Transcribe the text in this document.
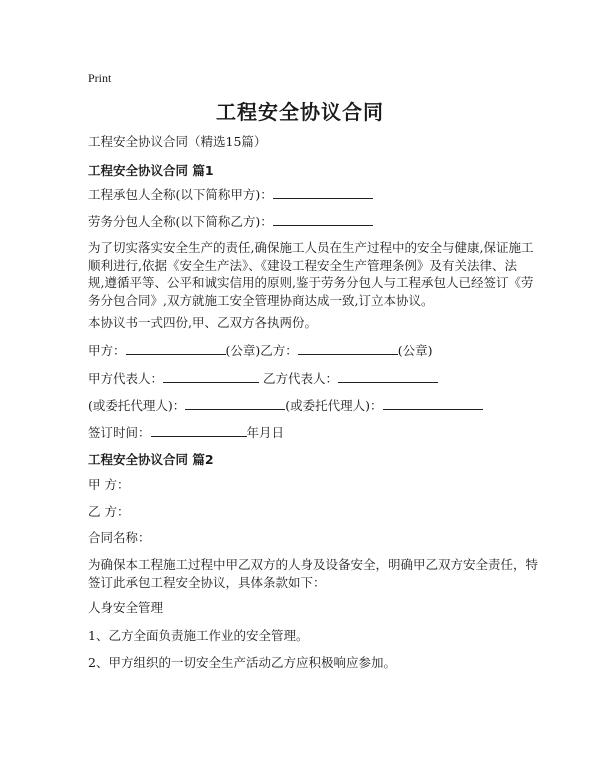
Print
工程安全协议合同
工程安全协议合同（精选15篇）
工程安全协议合同 篇1
工程承包人全称(以下简称甲方)：
劳务分包人全称(以下简称乙方)：
为了切实落实安全生产的责任,确保施工人员在生产过程中的安全与健康,保证施工
顺利进行,依据《安全生产法》、《建设工程安全生产管理条例》及有关法律、法
规,遵循平等、公平和诚实信用的原则,鉴于劳务分包人与工程承包人已经签订《劳
务分包合同》,双方就施工安全管理协商达成一致,订立本协议。
本协议书一式四份,甲、乙双方各执两份。
甲方：	(公章)乙方：	(公章)
甲方代表人：	乙方代表人：
(或委托代理人)：	(或委托代理人)：
签订时间：	年月日
工程安全协议合同 篇2
甲 方：
乙 方：
合同名称：
为确保本工程施工过程中甲乙双方的人身及设备安全，明确甲乙双方安全责任，特
签订此承包工程安全协议，具体条款如下：
人身安全管理
1、乙方全面负责施工作业的安全管理。
2、甲方组织的一切安全生产活动乙方应积极响应参加。
